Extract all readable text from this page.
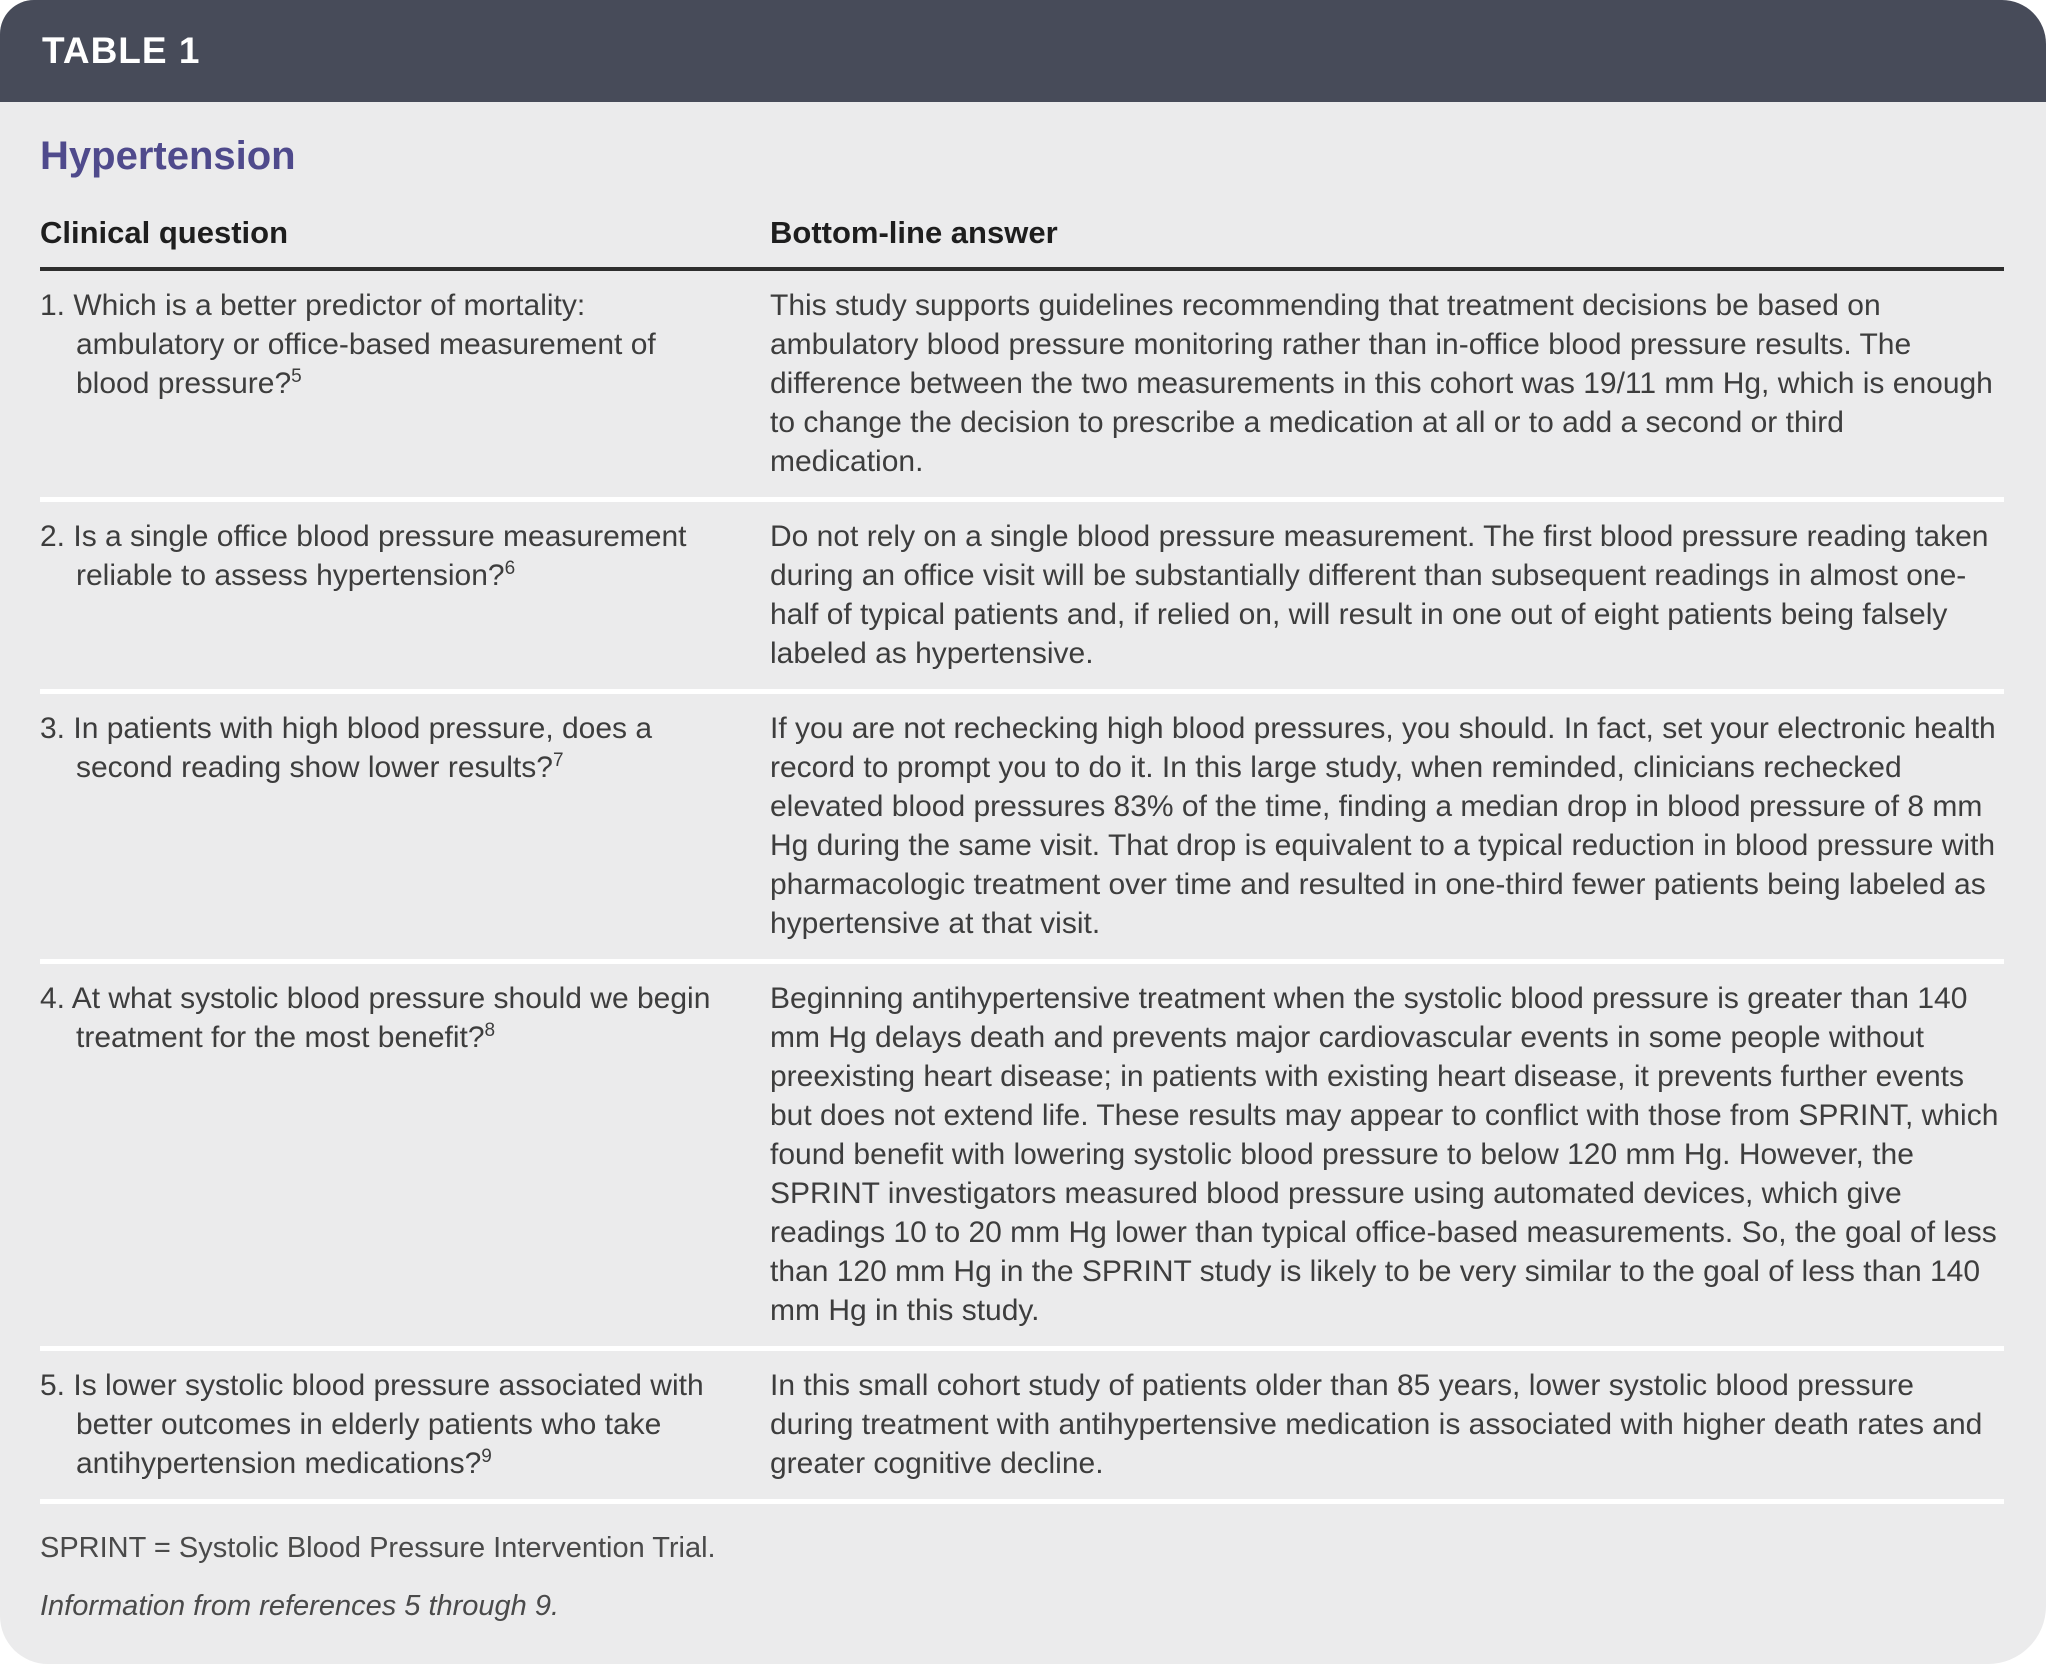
TABLE 1
Hypertension
Clinical question	Bottom-line answer
1. Which is a better predictor of mortality: ambulatory or office-based measurement of blood pressure?$^5$
This study supports guidelines recommending that treatment decisions be based on ambulatory blood pressure monitoring rather than in-office blood pressure results. The difference between the two measurements in this cohort was 19/11 mm Hg, which is enough to change the decision to prescribe a medication at all or to add a second or third medication.
2. Is a single office blood pressure measurement reliable to assess hypertension?$^6$
Do not rely on a single blood pressure measurement. The first blood pressure reading taken during an office visit will be substantially different than subsequent readings in almost one-half of typical patients and, if relied on, will result in one out of eight patients being falsely labeled as hypertensive.
3. In patients with high blood pressure, does a second reading show lower results?$^7$
If you are not rechecking high blood pressures, you should. In fact, set your electronic health record to prompt you to do it. In this large study, when reminded, clinicians rechecked elevated blood pressures 83% of the time, finding a median drop in blood pressure of 8 mm Hg during the same visit. That drop is equivalent to a typical reduction in blood pressure with pharmacologic treatment over time and resulted in one-third fewer patients being labeled as hypertensive at that visit.
4. At what systolic blood pressure should we begin treatment for the most benefit?$^8$
Beginning antihypertensive treatment when the systolic blood pressure is greater than 140 mm Hg delays death and prevents major cardiovascular events in some people without preexisting heart disease; in patients with existing heart disease, it prevents further events but does not extend life. These results may appear to conflict with those from SPRINT, which found benefit with lowering systolic blood pressure to below 120 mm Hg. However, the SPRINT investigators measured blood pressure using automated devices, which give readings 10 to 20 mm Hg lower than typical office-based measurements. So, the goal of less than 120 mm Hg in the SPRINT study is likely to be very similar to the goal of less than 140 mm Hg in this study.
5. Is lower systolic blood pressure associated with better outcomes in elderly patients who take antihypertension medications?$^9$
In this small cohort study of patients older than 85 years, lower systolic blood pressure during treatment with antihypertensive medication is associated with higher death rates and greater cognitive decline.

SPRINT = Systolic Blood Pressure Intervention Trial.

Information from references 5 through 9.
